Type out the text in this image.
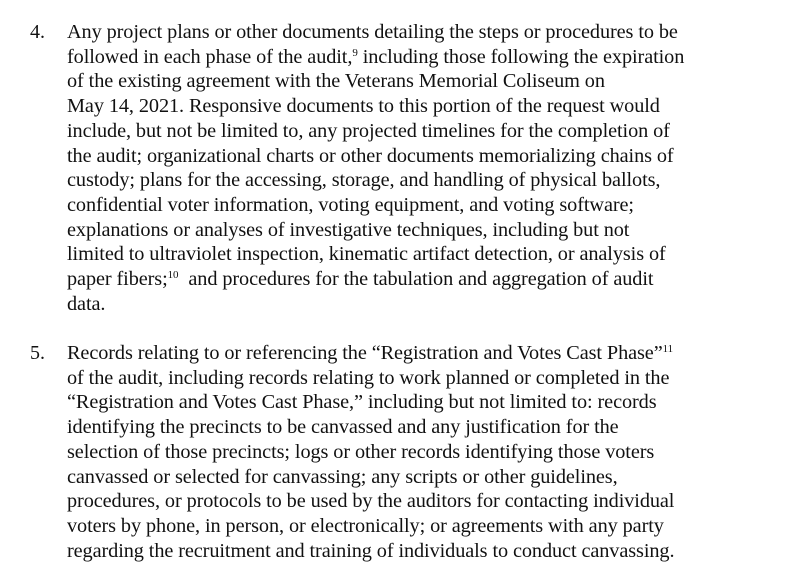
4. Any project plans or other documents detailing the steps or procedures to be
followed in each phase of the audit,$^9$ including those following the expiration
of the existing agreement with the Veterans Memorial Coliseum on
May 14, 2021. Responsive documents to this portion of the request would
include, but not be limited to, any projected timelines for the completion of
the audit; organizational charts or other documents memorializing chains of
custody; plans for the accessing, storage, and handling of physical ballots,
confidential voter information, voting equipment, and voting software;
explanations or analyses of investigative techniques, including but not
limited to ultraviolet inspection, kinematic artifact detection, or analysis of
paper fibers;$^{10}$  and procedures for the tabulation and aggregation of audit
data.
5. Records relating to or referencing the “Registration and Votes Cast Phase”$^{11}$
of the audit, including records relating to work planned or completed in the
“Registration and Votes Cast Phase,” including but not limited to: records
identifying the precincts to be canvassed and any justification for the
selection of those precincts; logs or other records identifying those voters
canvassed or selected for canvassing; any scripts or other guidelines,
procedures, or protocols to be used by the auditors for contacting individual
voters by phone, in person, or electronically; or agreements with any party
regarding the recruitment and training of individuals to conduct canvassing.
